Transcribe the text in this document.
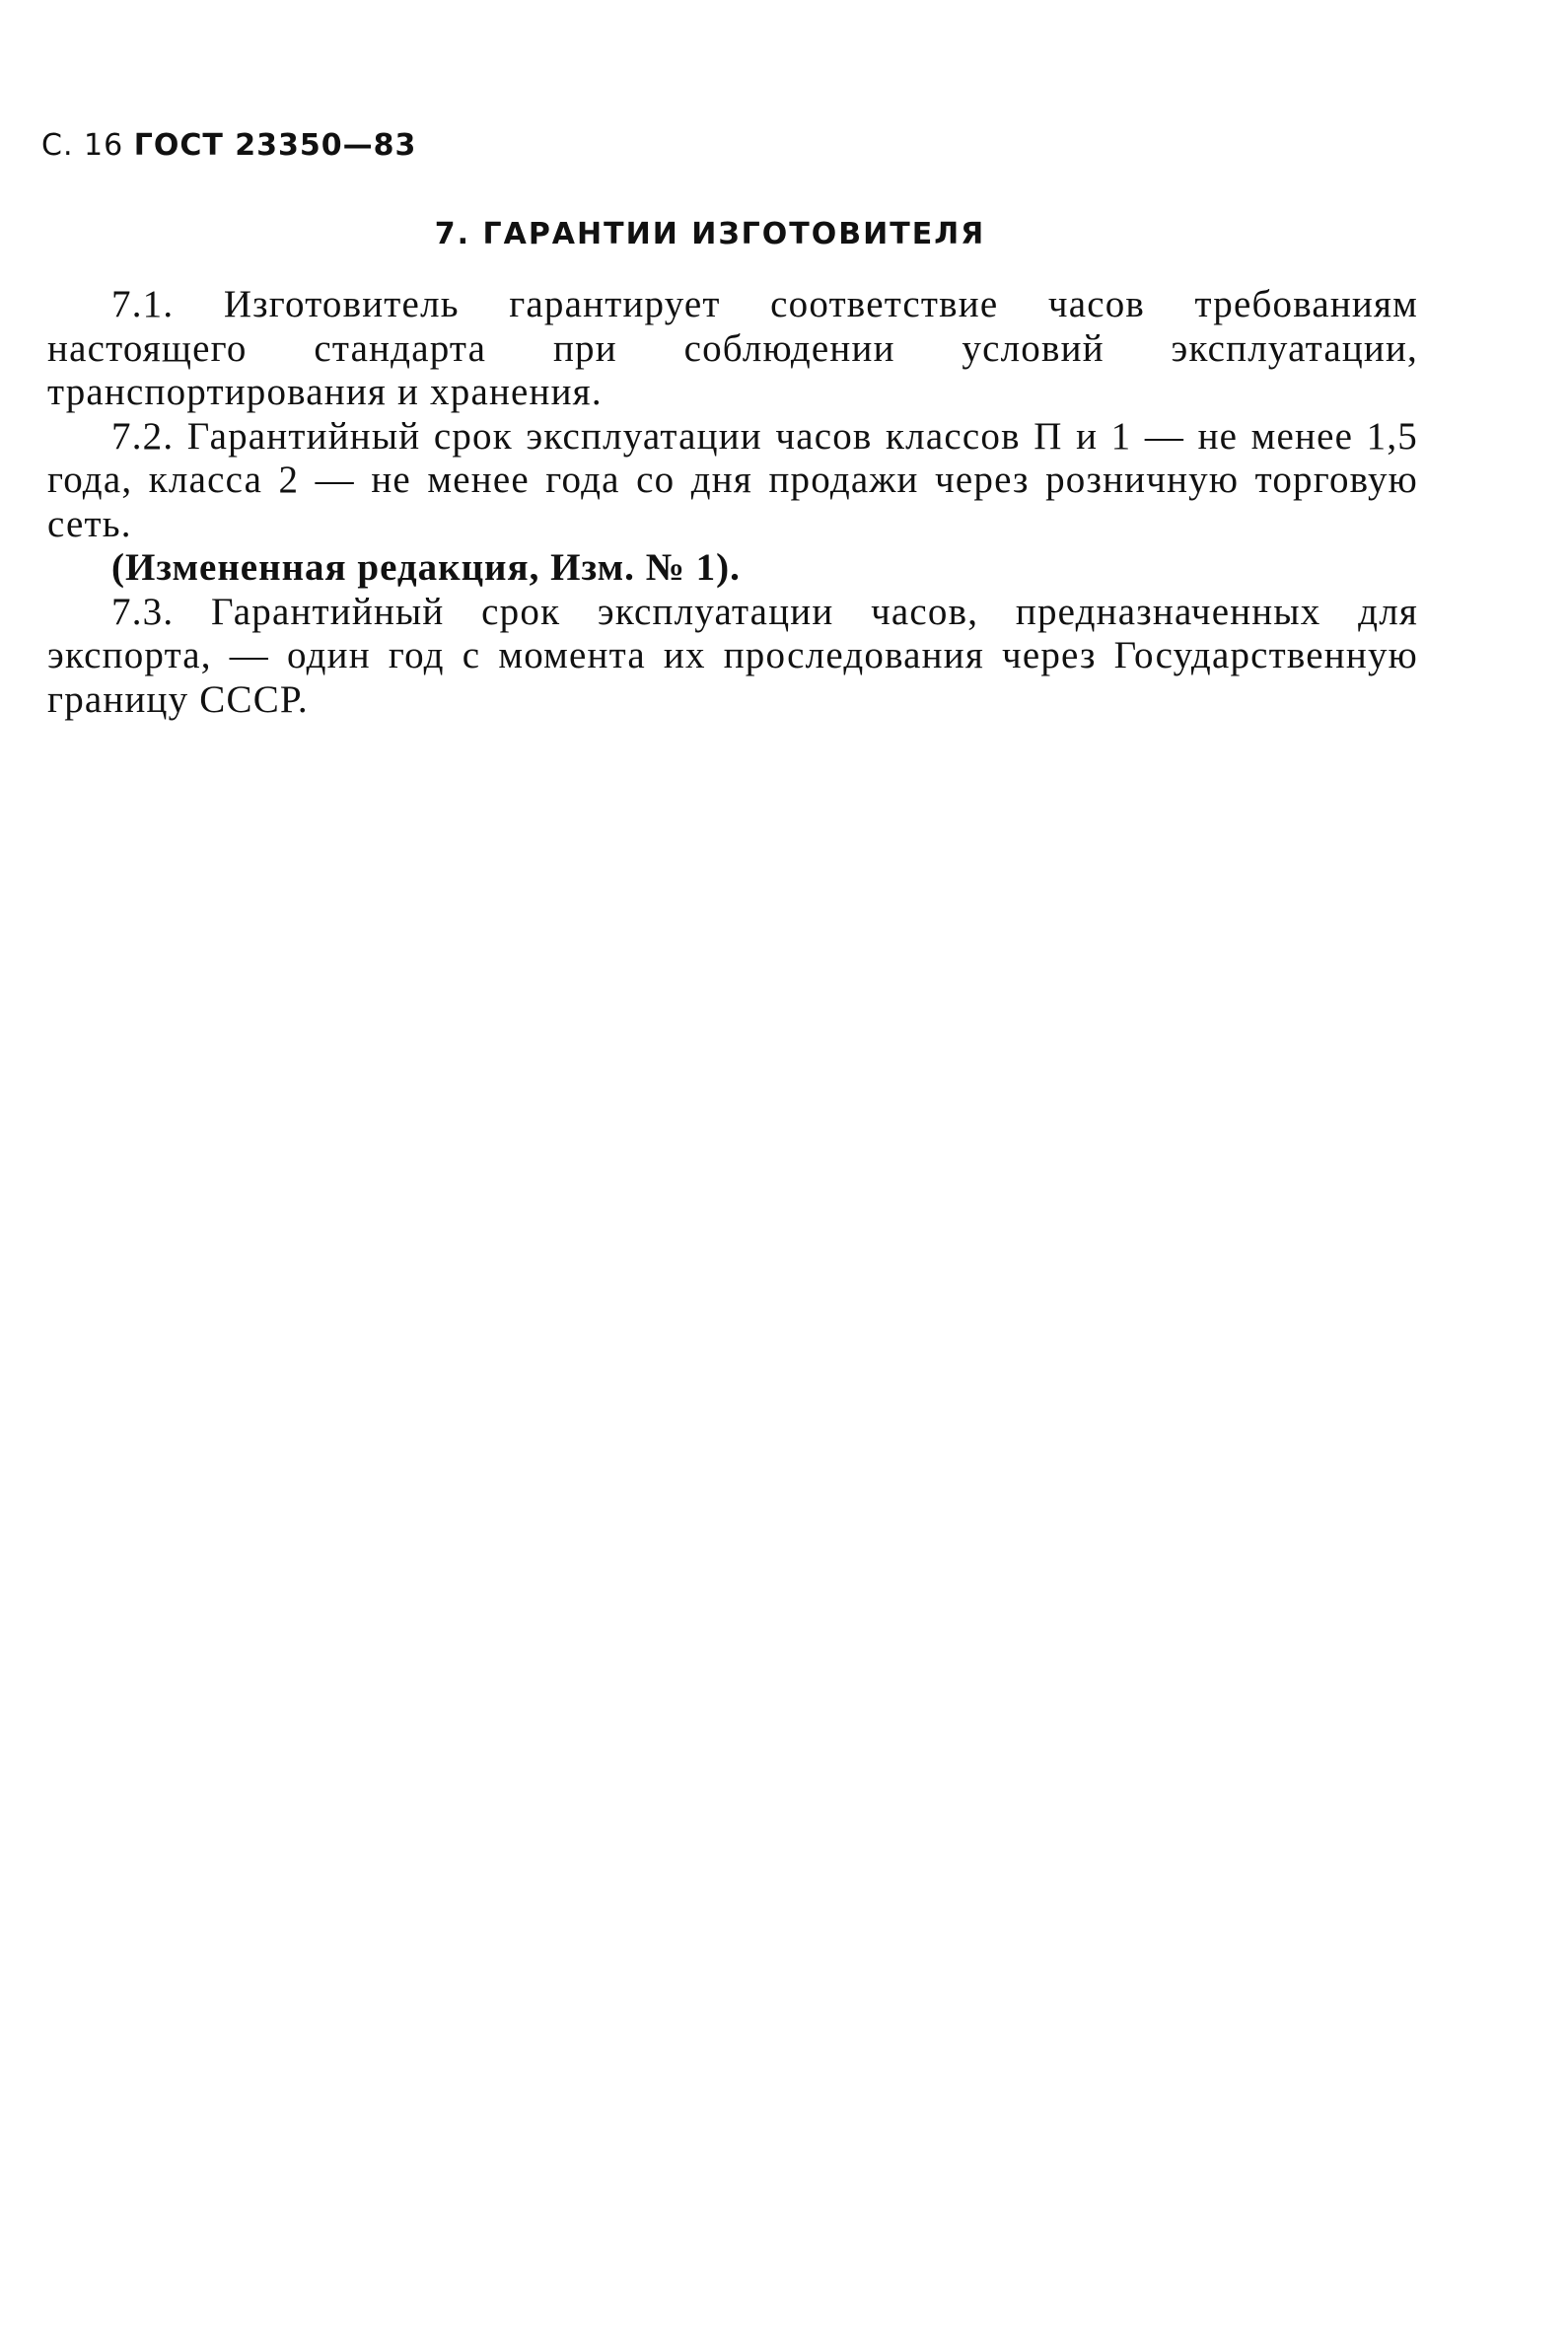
С. 16 ГОСТ 23350—83
7. ГАРАНТИИ ИЗГОТОВИТЕЛЯ

7.1. Изготовитель гарантирует соответствие часов требованиям настоящего стандарта при соблюдении условий эксплуатации, транспортирования и хранения.

7.2. Гарантийный срок эксплуатации часов классов П и 1 — не менее 1,5 года, класса 2 — не менее года со дня продажи через розничную торговую сеть.

(Измененная редакция, Изм. № 1).

7.3. Гарантийный срок эксплуатации часов, предназначенных для экспорта, — один год с момента их проследования через Государственную границу СССР.
